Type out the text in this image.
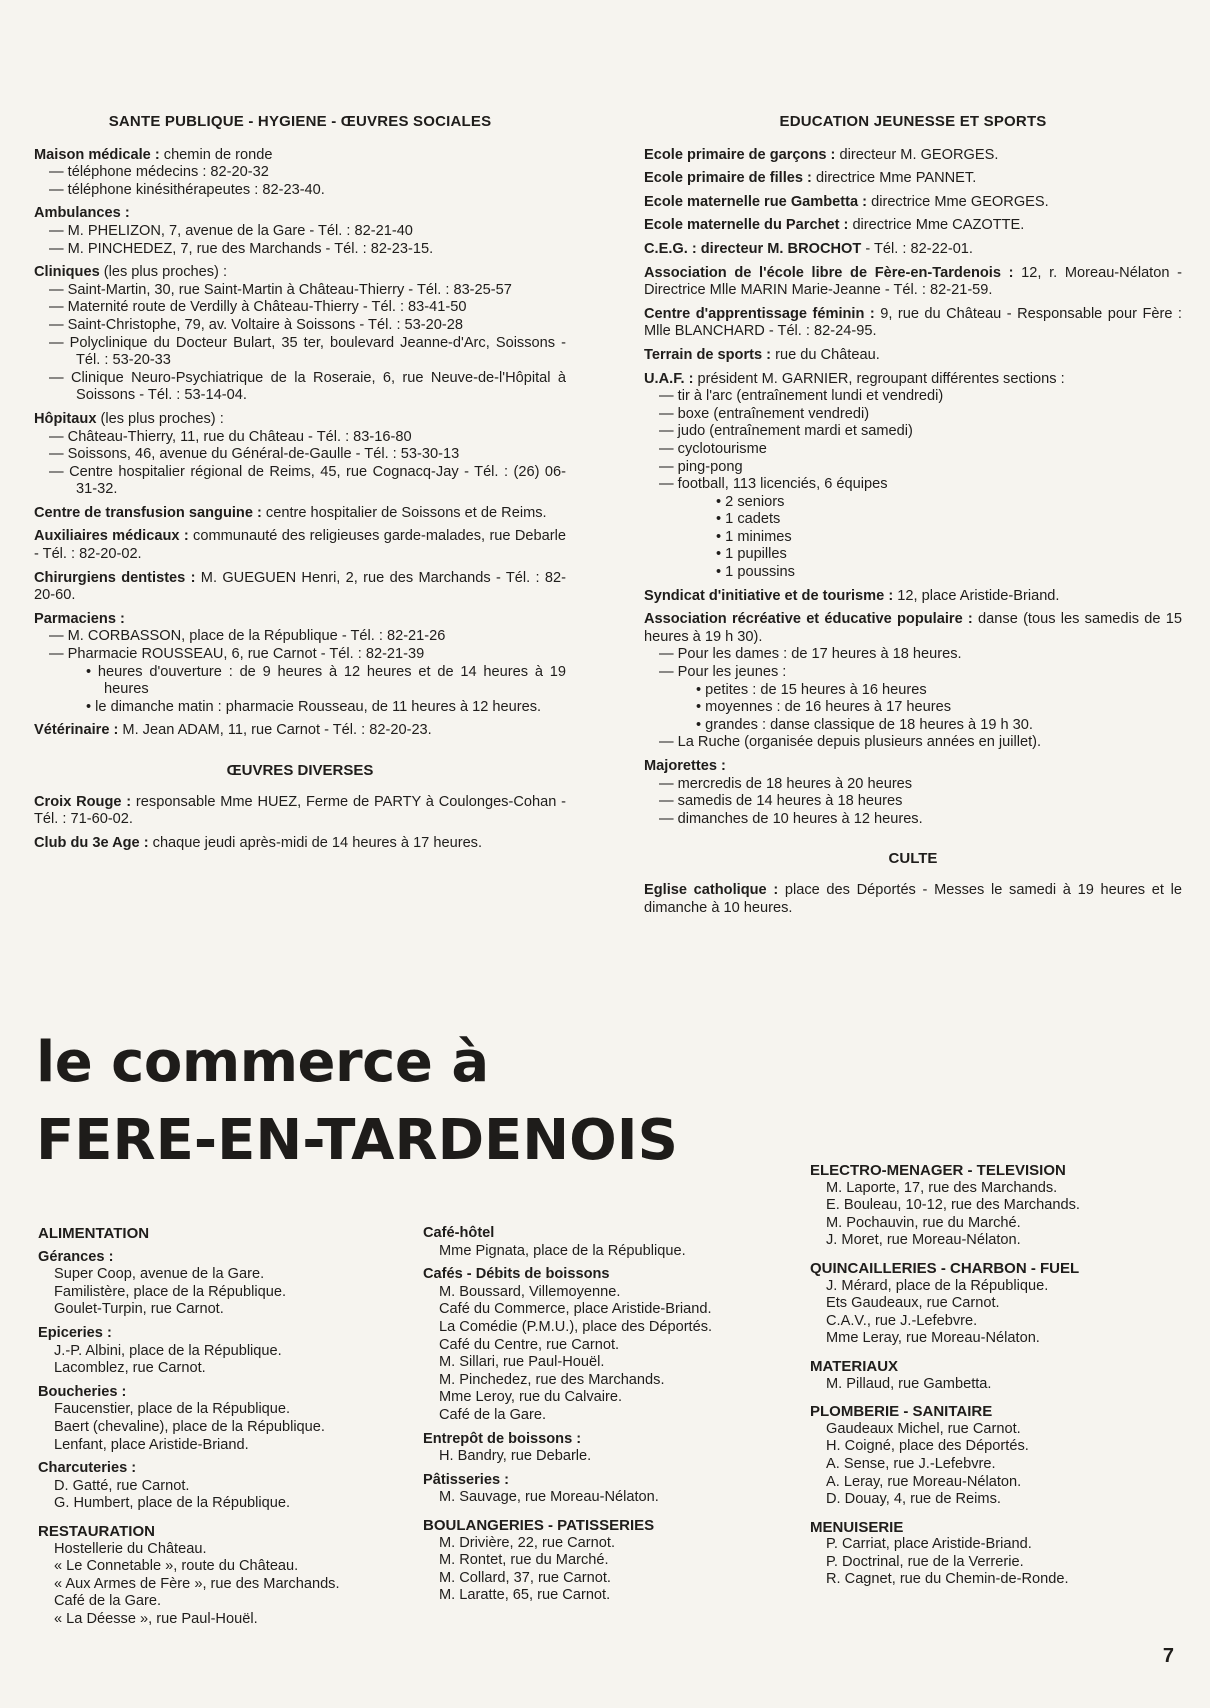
SANTE PUBLIQUE - HYGIENE - ŒUVRES SOCIALES
Maison médicale : chemin de ronde
— téléphone médecins : 82-20-32
— téléphone kinésithérapeutes : 82-23-40.
Ambulances :
— M. PHELIZON, 7, avenue de la Gare - Tél. : 82-21-40
— M. PINCHEDEZ, 7, rue des Marchands - Tél. : 82-23-15.
Cliniques (les plus proches) :
— Saint-Martin, 30, rue Saint-Martin à Château-Thierry - Tél. : 83-25-57
— Maternité route de Verdilly à Château-Thierry - Tél. : 83-41-50
— Saint-Christophe, 79, av. Voltaire à Soissons - Tél. : 53-20-28
— Polyclinique du Docteur Bulart, 35 ter, boulevard Jeanne-d'Arc, Soissons - Tél. : 53-20-33
— Clinique Neuro-Psychiatrique de la Roseraie, 6, rue Neuve-de-l'Hôpital à Soissons - Tél. : 53-14-04.
Hôpitaux (les plus proches) :
— Château-Thierry, 11, rue du Château - Tél. : 83-16-80
— Soissons, 46, avenue du Général-de-Gaulle - Tél. : 53-30-13
— Centre hospitalier régional de Reims, 45, rue Cognacq-Jay - Tél. : (26) 06-31-32.
Centre de transfusion sanguine : centre hospitalier de Soissons et de Reims.
Auxiliaires médicaux : communauté des religieuses garde-malades, rue Debarle - Tél. : 82-20-02.
Chirurgiens dentistes : M. GUEGUEN Henri, 2, rue des Marchands - Tél. : 82-20-60.
Parmaciens :
— M. CORBASSON, place de la République - Tél. : 82-21-26
— Pharmacie ROUSSEAU, 6, rue Carnot - Tél. : 82-21-39
• heures d'ouverture : de 9 heures à 12 heures et de 14 heures à 19 heures
• le dimanche matin : pharmacie Rousseau, de 11 heures à 12 heures.
Vétérinaire : M. Jean ADAM, 11, rue Carnot - Tél. : 82-20-23.
ŒUVRES DIVERSES
Croix Rouge : responsable Mme HUEZ, Ferme de PARTY à Coulonges-Cohan - Tél. : 71-60-02.
Club du 3e Age : chaque jeudi après-midi de 14 heures à 17 heures.
EDUCATION JEUNESSE ET SPORTS
Ecole primaire de garçons : directeur M. GEORGES.
Ecole primaire de filles : directrice Mme PANNET.
Ecole maternelle rue Gambetta : directrice Mme GEORGES.
Ecole maternelle du Parchet : directrice Mme CAZOTTE.
C.E.G. : directeur M. BROCHOT - Tél. : 82-22-01.
Association de l'école libre de Fère-en-Tardenois : 12, r. Moreau-Nélaton - Directrice Mlle MARIN Marie-Jeanne - Tél. : 82-21-59.
Centre d'apprentissage féminin : 9, rue du Château - Responsable pour Fère : Mlle BLANCHARD - Tél. : 82-24-95.
Terrain de sports : rue du Château.
U.A.F. : président M. GARNIER, regroupant différentes sections :
— tir à l'arc (entraînement lundi et vendredi)
— boxe (entraînement vendredi)
— judo (entraînement mardi et samedi)
— cyclotourisme
— ping-pong
— football, 113 licenciés, 6 équipes
• 2 seniors
• 1 cadets
• 1 minimes
• 1 pupilles
• 1 poussins
Syndicat d'initiative et de tourisme : 12, place Aristide-Briand.
Association récréative et éducative populaire : danse (tous les samedis de 15 heures à 19 h 30).
— Pour les dames : de 17 heures à 18 heures.
— Pour les jeunes :
• petites : de 15 heures à 16 heures
• moyennes : de 16 heures à 17 heures
• grandes : danse classique de 18 heures à 19 h 30.
— La Ruche (organisée depuis plusieurs années en juillet).
Majorettes :
— mercredis de 18 heures à 20 heures
— samedis de 14 heures à 18 heures
— dimanches de 10 heures à 12 heures.
CULTE
Eglise catholique : place des Déportés - Messes le samedi à 19 heures et le dimanche à 10 heures.
le commerce à
FERE-EN-TARDENOIS
ALIMENTATION
Gérances :
Super Coop, avenue de la Gare.
Familistère, place de la République.
Goulet-Turpin, rue Carnot.
Epiceries :
J.-P. Albini, place de la République.
Lacomblez, rue Carnot.
Boucheries :
Faucenstier, place de la République.
Baert (chevaline), place de la République.
Lenfant, place Aristide-Briand.
Charcuteries :
D. Gatté, rue Carnot.
G. Humbert, place de la République.
RESTAURATION
Hostellerie du Château.
« Le Connetable », route du Château.
« Aux Armes de Fère », rue des Marchands.
Café de la Gare.
« La Déesse », rue Paul-Houël.
Café-hôtel
Mme Pignata, place de la République.
Cafés - Débits de boissons
M. Boussard, Villemoyenne.
Café du Commerce, place Aristide-Briand.
La Comédie (P.M.U.), place des Déportés.
Café du Centre, rue Carnot.
M. Sillari, rue Paul-Houël.
M. Pinchedez, rue des Marchands.
Mme Leroy, rue du Calvaire.
Café de la Gare.
Entrepôt de boissons :
H. Bandry, rue Debarle.
Pâtisseries :
M. Sauvage, rue Moreau-Nélaton.
BOULANGERIES - PATISSERIES
M. Drivière, 22, rue Carnot.
M. Rontet, rue du Marché.
M. Collard, 37, rue Carnot.
M. Laratte, 65, rue Carnot.
ELECTRO-MENAGER - TELEVISION
M. Laporte, 17, rue des Marchands.
E. Bouleau, 10-12, rue des Marchands.
M. Pochauvin, rue du Marché.
J. Moret, rue Moreau-Nélaton.
QUINCAILLERIES - CHARBON - FUEL
J. Mérard, place de la République.
Ets Gaudeaux, rue Carnot.
C.A.V., rue J.-Lefebvre.
Mme Leray, rue Moreau-Nélaton.
MATERIAUX
M. Pillaud, rue Gambetta.
PLOMBERIE - SANITAIRE
Gaudeaux Michel, rue Carnot.
H. Coigné, place des Déportés.
A. Sense, rue J.-Lefebvre.
A. Leray, rue Moreau-Nélaton.
D. Douay, 4, rue de Reims.
MENUISERIE
P. Carriat, place Aristide-Briand.
P. Doctrinal, rue de la Verrerie.
R. Cagnet, rue du Chemin-de-Ronde.
7
